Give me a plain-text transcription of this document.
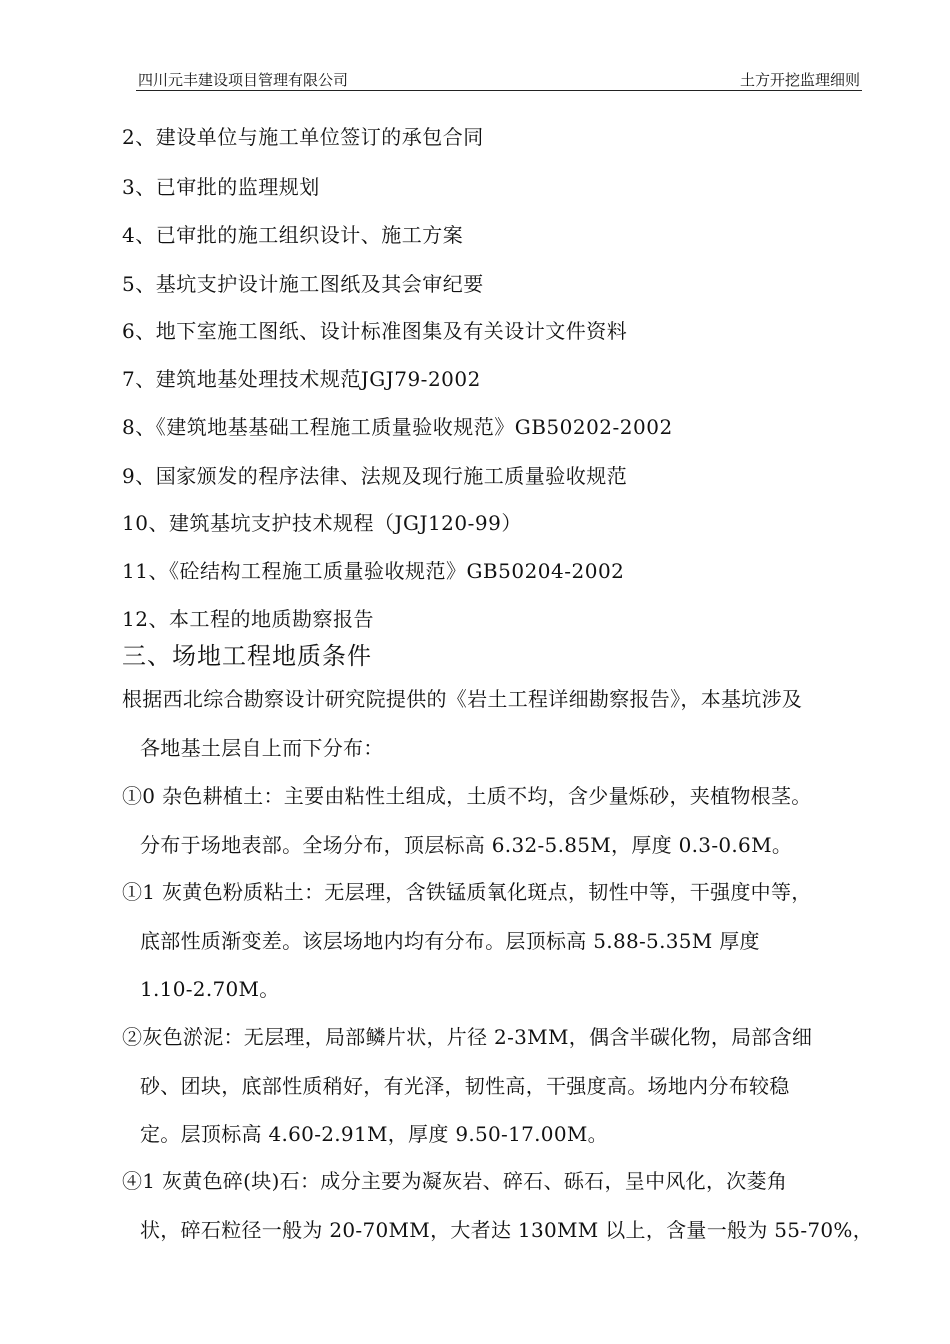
四川元丰建设项目管理有限公司	土方开挖监理细则
2、建设单位与施工单位签订的承包合同
3、已审批的监理规划
4、已审批的施工组织设计、施工方案
5、基坑支护设计施工图纸及其会审纪要
6、地下室施工图纸、设计标准图集及有关设计文件资料
7、建筑地基处理技术规范JGJ79-2002
8、《建筑地基基础工程施工质量验收规范》GB50202-2002
9、国家颁发的程序法律、法规及现行施工质量验收规范
10、建筑基坑支护技术规程（JGJ120-99）
11、《砼结构工程施工质量验收规范》GB50204-2002
12、本工程的地质勘察报告
三、场地工程地质条件
根据西北综合勘察设计研究院提供的《岩土工程详细勘察报告》，本基坑涉及
各地基土层自上而下分布：
①0 杂色耕植土：主要由粘性土组成，土质不均，含少量烁砂，夹植物根茎。
分布于场地表部。全场分布，顶层标高 6.32-5.85M，厚度 0.3-0.6M。
①1 灰黄色粉质粘土：无层理，含铁锰质氧化斑点，韧性中等，干强度中等，
底部性质渐变差。该层场地内均有分布。层顶标高 5.88-5.35M 厚度
1.10-2.70M。
②灰色淤泥：无层理，局部鳞片状，片径 2-3MM，偶含半碳化物，局部含细
砂、团块，底部性质稍好，有光泽，韧性高，干强度高。场地内分布较稳
定。层顶标高 4.60-2.91M，厚度 9.50-17.00M。
④1 灰黄色碎(块)石：成分主要为凝灰岩、碎石、砾石，呈中风化，次菱角
状，碎石粒径一般为 20-70MM，大者达 130MM 以上，含量一般为 55-70%，
